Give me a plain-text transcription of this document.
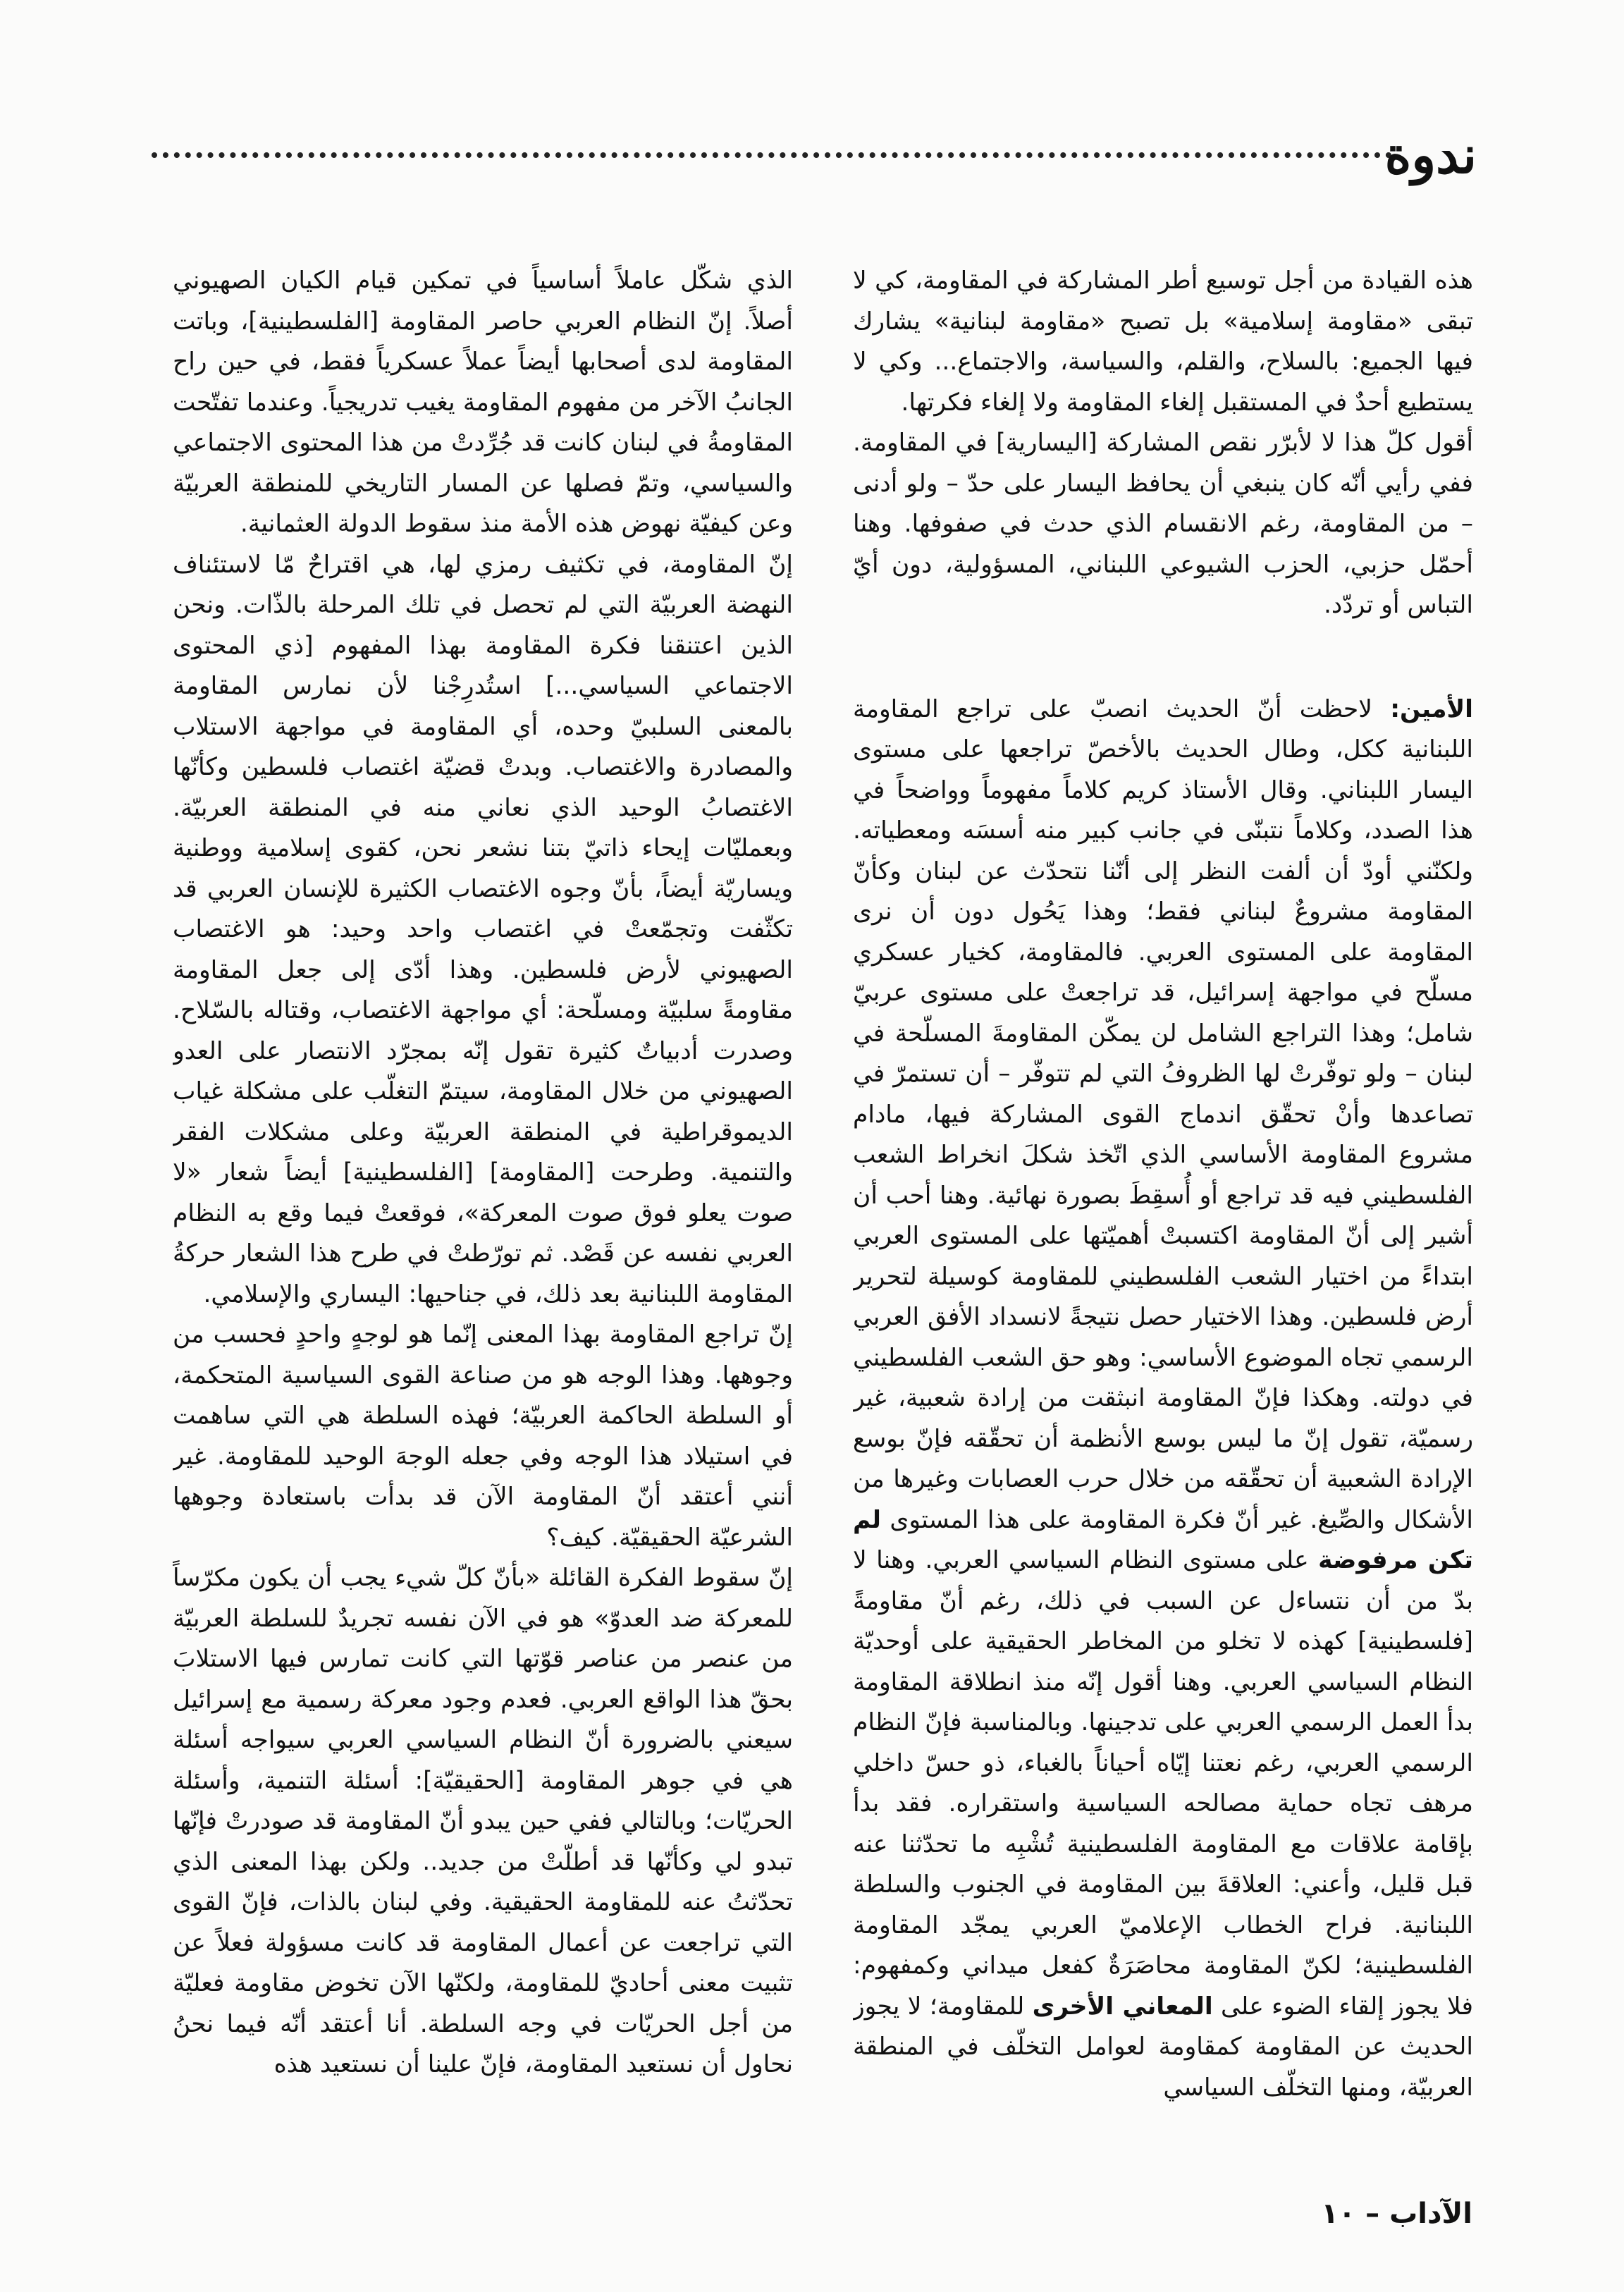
ندوة

هذه القيادة من أجل توسيع أطر المشاركة في المقاومة، كي لا تبقى «مقاومة إسلامية» بل تصبح «مقاومة لبنانية» يشارك فيها الجميع: بالسلاح، والقلم، والسياسة، والاجتماع... وكي لا يستطيع أحدٌ في المستقبل إلغاء المقاومة ولا إلغاء فكرتها.

أقول كلّ هذا لا لأبرّر نقص المشاركة [اليسارية] في المقاومة. ففي رأيي أنّه كان ينبغي أن يحافظ اليسار على حدّ – ولو أدنى – من المقاومة، رغم الانقسام الذي حدث في صفوفها. وهنا أحمّل حزبي، الحزب الشيوعي اللبناني، المسؤولية، دون أيّ التباس أو تردّد.

الأمين: لاحظت أنّ الحديث انصبّ على تراجع المقاومة اللبنانية ككل، وطال الحديث بالأخصّ تراجعها على مستوى اليسار اللبناني. وقال الأستاذ كريم كلاماً مفهوماً وواضحاً في هذا الصدد، وكلاماً نتبنّى في جانب كبير منه أسسَه ومعطياته. ولكنّني أودّ أن ألفت النظر إلى أنّنا نتحدّث عن لبنان وكأنّ المقاومة مشروعٌ لبناني فقط؛ وهذا يَحُول دون أن نرى المقاومة على المستوى العربي. فالمقاومة، كخيار عسكري مسلّح في مواجهة إسرائيل، قد تراجعتْ على مستوى عربيّ شامل؛ وهذا التراجع الشامل لن يمكّن المقاومةَ المسلّحة في لبنان – ولو توفّرتْ لها الظروفُ التي لم تتوفّر – أن تستمرّ في تصاعدها وأنْ تحقّق اندماج القوى المشاركة فيها، مادام مشروع المقاومة الأساسي الذي اتّخذ شكلَ انخراط الشعب الفلسطيني فيه قد تراجع أو أُسقِطَ بصورة نهائية. وهنا أحب أن أشير إلى أنّ المقاومة اكتسبتْ أهميّتها على المستوى العربي ابتداءً من اختيار الشعب الفلسطيني للمقاومة كوسيلة لتحرير أرض فلسطين. وهذا الاختيار حصل نتيجةً لانسداد الأفق العربي الرسمي تجاه الموضوع الأساسي: وهو حق الشعب الفلسطيني في دولته. وهكذا فإنّ المقاومة انبثقت من إرادة شعبية، غير رسميّة، تقول إنّ ما ليس بوسع الأنظمة أن تحقّقه فإنّ بوسع الإرادة الشعبية أن تحقّقه من خلال حرب العصابات وغيرها من الأشكال والصِّيغ. غير أنّ فكرة المقاومة على هذا المستوى لم تكن مرفوضة على مستوى النظام السياسي العربي. وهنا لا بدّ من أن نتساءل عن السبب في ذلك، رغم أنّ مقاومةً [فلسطينية] كهذه لا تخلو من المخاطر الحقيقية على أوحديّة النظام السياسي العربي. وهنا أقول إنّه منذ انطلاقة المقاومة بدأ العمل الرسمي العربي على تدجينها. وبالمناسبة فإنّ النظام الرسمي العربي، رغم نعتنا إيّاه أحياناً بالغباء، ذو حسّ داخلي مرهف تجاه حماية مصالحه السياسية واستقراره. فقد بدأ بإقامة علاقات مع المقاومة الفلسطينية تُشْبِه ما تحدّثنا عنه قبل قليل، وأعني: العلاقةَ بين المقاومة في الجنوب والسلطة اللبنانية. فراح الخطاب الإعلاميّ العربي يمجّد المقاومة الفلسطينية؛ لكنّ المقاومة محاصَرَةٌ كفعل ميداني وكمفهوم: فلا يجوز إلقاء الضوء على المعاني الأخرى للمقاومة؛ لا يجوز الحديث عن المقاومة كمقاومة لعوامل التخلّف في المنطقة العربيّة، ومنها التخلّف السياسي

الذي شكّل عاملاً أساسياً في تمكين قيام الكيان الصهيوني أصلاً. إنّ النظام العربي حاصر المقاومة [الفلسطينية]، وباتت المقاومة لدى أصحابها أيضاً عملاً عسكرياً فقط، في حين راح الجانبُ الآخر من مفهوم المقاومة يغيب تدريجياً. وعندما تفتّحت المقاومةُ في لبنان كانت قد جُرِّدتْ من هذا المحتوى الاجتماعي والسياسي، وتمّ فصلها عن المسار التاريخي للمنطقة العربيّة وعن كيفيّة نهوض هذه الأمة منذ سقوط الدولة العثمانية.

إنّ المقاومة، في تكثيف رمزي لها، هي اقتراحٌ مّا لاستئناف النهضة العربيّة التي لم تحصل في تلك المرحلة بالذّات. ونحن الذين اعتنقنا فكرة المقاومة بهذا المفهوم [ذي المحتوى الاجتماعي السياسي...] استُدرِجْنا لأن نمارس المقاومة بالمعنى السلبيّ وحده، أي المقاومة في مواجهة الاستلاب والمصادرة والاغتصاب. وبدتْ قضيّة اغتصاب فلسطين وكأنّها الاغتصابُ الوحيد الذي نعاني منه في المنطقة العربيّة. وبعمليّات إيحاء ذاتيّ بتنا نشعر نحن، كقوى إسلامية ووطنية ويساريّة أيضاً، بأنّ وجوه الاغتصاب الكثيرة للإنسان العربي قد تكثّفت وتجمّعتْ في اغتصاب واحد وحيد: هو الاغتصاب الصهيوني لأرض فلسطين. وهذا أدّى إلى جعل المقاومة مقاومةً سلبيّة ومسلّحة: أي مواجهة الاغتصاب، وقتاله بالسّلاح. وصدرت أدبياتٌ كثيرة تقول إنّه بمجرّد الانتصار على العدو الصهيوني من خلال المقاومة، سيتمّ التغلّب على مشكلة غياب الديموقراطية في المنطقة العربيّة وعلى مشكلات الفقر والتنمية. وطرحت [المقاومة] [الفلسطينية] أيضاً شعار «لا صوت يعلو فوق صوت المعركة»، فوقعتْ فيما وقع به النظام العربي نفسه عن قَصْد. ثم تورّطتْ في طرح هذا الشعار حركةُ المقاومة اللبنانية بعد ذلك، في جناحيها: اليساري والإسلامي.

إنّ تراجع المقاومة بهذا المعنى إنّما هو لوجهٍ واحدٍ فحسب من وجوهها. وهذا الوجه هو من صناعة القوى السياسية المتحكمة، أو السلطة الحاكمة العربيّة؛ فهذه السلطة هي التي ساهمت في استيلاد هذا الوجه وفي جعله الوجهَ الوحيد للمقاومة. غير أنني أعتقد أنّ المقاومة الآن قد بدأت باستعادة وجوهها الشرعيّة الحقيقيّة. كيف؟

إنّ سقوط الفكرة القائلة «بأنّ كلّ شيء يجب أن يكون مكرّساً للمعركة ضد العدوّ» هو في الآن نفسه تجريدٌ للسلطة العربيّة من عنصر من عناصر قوّتها التي كانت تمارس فيها الاستلابَ بحقّ هذا الواقع العربي. فعدم وجود معركة رسمية مع إسرائيل سيعني بالضرورة أنّ النظام السياسي العربي سيواجه أسئلة هي في جوهر المقاومة [الحقيقيّة]: أسئلة التنمية، وأسئلة الحريّات؛ وبالتالي ففي حين يبدو أنّ المقاومة قد صودرتْ فإنّها تبدو لي وكأنّها قد أطلّتْ من جديد.. ولكن بهذا المعنى الذي تحدّثتُ عنه للمقاومة الحقيقية. وفي لبنان بالذات، فإنّ القوى التي تراجعت عن أعمال المقاومة قد كانت مسؤولة فعلاً عن تثبيت معنى أحاديّ للمقاومة، ولكنّها الآن تخوض مقاومة فعليّة من أجل الحريّات في وجه السلطة. أنا أعتقد أنّه فيما نحنُ نحاول أن نستعيد المقاومة، فإنّ علينا أن نستعيد هذه

الآداب – ١٠
